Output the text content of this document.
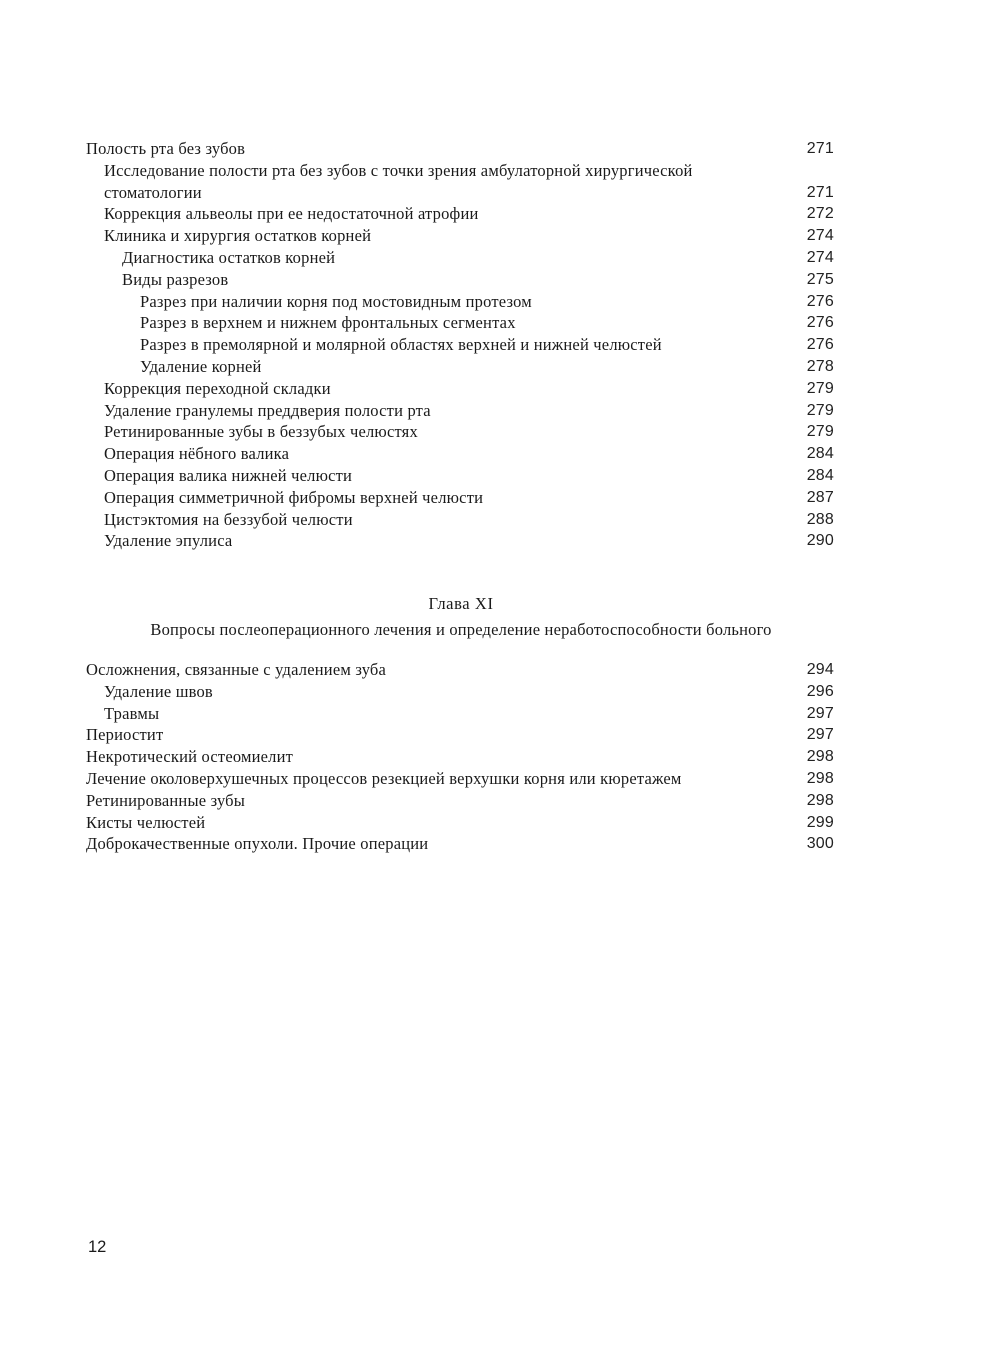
Полость рта без зубов	271
Исследование полости рта без зубов с точки зрения амбулаторной хирургической стоматологии	271
Коррекция альвеолы при ее недостаточной атрофии	272
Клиника и хирургия остатков корней	274
Диагностика остатков корней	274
Виды разрезов	275
Разрез при наличии корня под мостовидным протезом	276
Разрез в верхнем и нижнем фронтальных сегментах	276
Разрез в премолярной и молярной областях верхней и нижней челюстей	276
Удаление корней	278
Коррекция переходной складки	279
Удаление гранулемы преддверия полости рта	279
Ретинированные зубы в беззубых челюстях	279
Операция нёбного валика	284
Операция валика нижней челюсти	284
Операция симметричной фибромы верхней челюсти	287
Цистэктомия на беззубой челюсти	288
Удаление эпулиса	290
Глава XI
Вопросы послеоперационного лечения и определение неработоспособности больного
Осложнения, связанные с удалением зуба	294
Удаление швов	296
Травмы	297
Периостит	297
Некротический остеомиелит	298
Лечение околоверхушечных процессов резекцией верхушки корня или кюретажем	298
Ретинированные зубы	298
Кисты челюстей	299
Доброкачественные опухоли. Прочие операции	300
12
